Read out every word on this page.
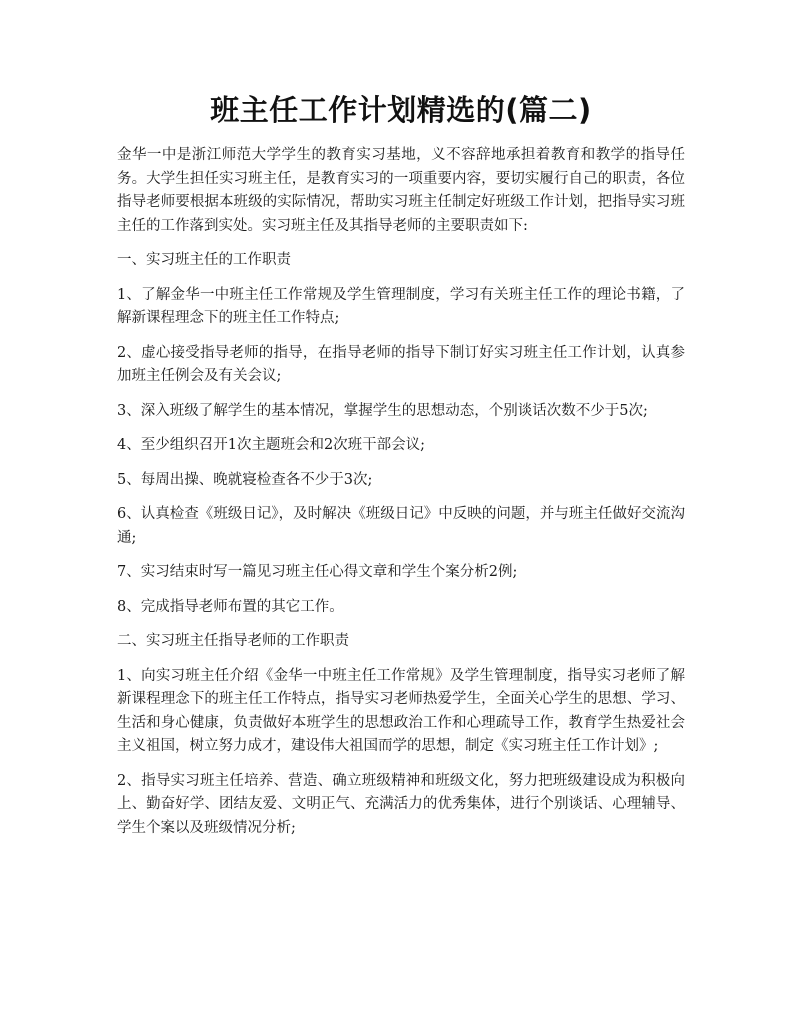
班主任工作计划精选的(篇二)

金华一中是浙江师范大学学生的教育实习基地，义不容辞地承担着教育和教学的指导任务。大学生担任实习班主任，是教育实习的一项重要内容，要切实履行自己的职责，各位指导老师要根据本班级的实际情况，帮助实习班主任制定好班级工作计划，把指导实习班主任的工作落到实处。实习班主任及其指导老师的主要职责如下:

一、实习班主任的工作职责

1、了解金华一中班主任工作常规及学生管理制度，学习有关班主任工作的理论书籍，了解新课程理念下的班主任工作特点;

2、虚心接受指导老师的指导，在指导老师的指导下制订好实习班主任工作计划，认真参加班主任例会及有关会议;

3、深入班级了解学生的基本情况，掌握学生的思想动态，个别谈话次数不少于5次;

4、至少组织召开1次主题班会和2次班干部会议;

5、每周出操、晚就寝检查各不少于3次;

6、认真检查《班级日记》，及时解决《班级日记》中反映的问题，并与班主任做好交流沟通;

7、实习结束时写一篇见习班主任心得文章和学生个案分析2例;

8、完成指导老师布置的其它工作。

二、实习班主任指导老师的工作职责

1、向实习班主任介绍《金华一中班主任工作常规》及学生管理制度，指导实习老师了解新课程理念下的班主任工作特点，指导实习老师热爱学生，全面关心学生的思想、学习、生活和身心健康，负责做好本班学生的思想政治工作和心理疏导工作，教育学生热爱社会主义祖国，树立努力成才，建设伟大祖国而学的思想，制定《实习班主任工作计划》;

2、指导实习班主任培养、营造、确立班级精神和班级文化，努力把班级建设成为积极向上、勤奋好学、团结友爱、文明正气、充满活力的优秀集体，进行个别谈话、心理辅导、学生个案以及班级情况分析;
